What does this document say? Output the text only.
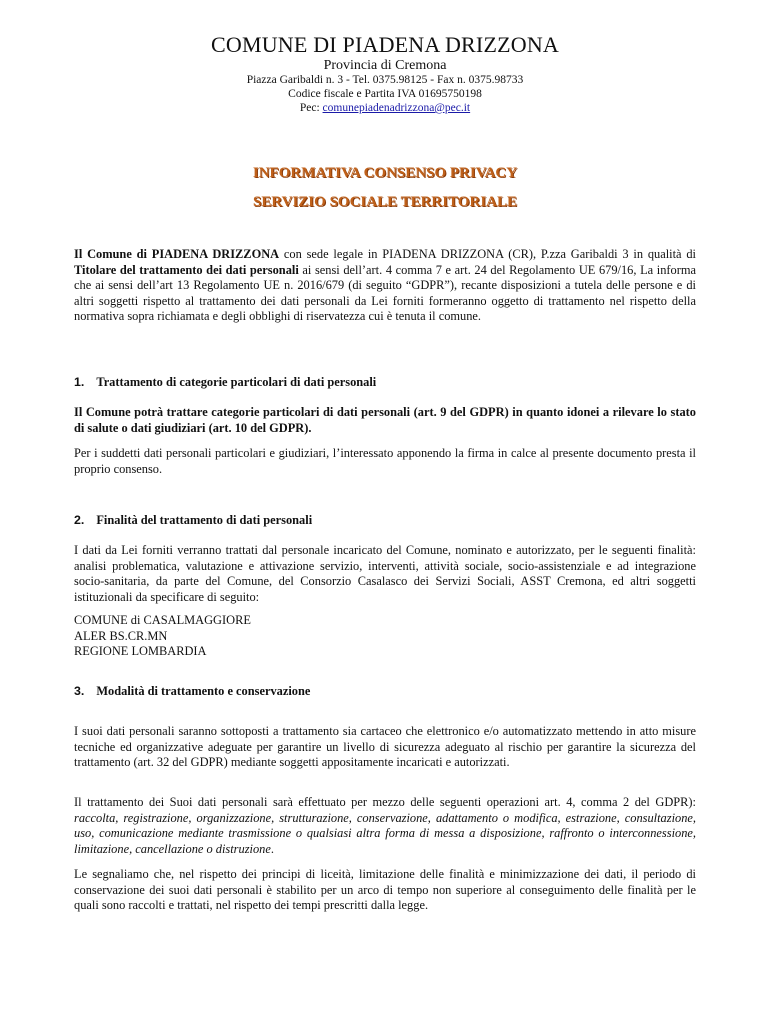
COMUNE DI PIADENA DRIZZONA
Provincia di Cremona
Piazza Garibaldi n. 3 - Tel. 0375.98125 - Fax n. 0375.98733
Codice fiscale e Partita IVA 01695750198
Pec: comunepiadenadrizzona@pec.it
INFORMATIVA CONSENSO PRIVACY
SERVIZIO SOCIALE TERRITORIALE
Il Comune di PIADENA DRIZZONA con sede legale in PIADENA DRIZZONA (CR), P.zza Garibaldi 3 in qualità di Titolare del trattamento dei dati personali ai sensi dell’art. 4 comma 7 e art. 24 del Regolamento UE 679/16, La informa che ai sensi dell’art 13 Regolamento UE n. 2016/679 (di seguito “GDPR”), recante disposizioni a tutela delle persone e di altri soggetti rispetto al trattamento dei dati personali da Lei forniti formeranno oggetto di trattamento nel rispetto della normativa sopra richiamata e degli obblighi di riservatezza cui è tenuta il comune.
1. Trattamento di categorie particolari di dati personali
Il Comune potrà trattare categorie particolari di dati personali (art. 9 del GDPR) in quanto idonei a rilevare lo stato di salute o dati giudiziari (art. 10 del GDPR).
Per i suddetti dati personali particolari e giudiziari, l’interessato apponendo la firma in calce al presente documento presta il proprio consenso.
2. Finalità del trattamento di dati personali
I dati da Lei forniti verranno trattati dal personale incaricato del Comune, nominato e autorizzato, per le seguenti finalità: analisi problematica, valutazione e attivazione servizio, interventi, attività sociale, socio-assistenziale e ad integrazione socio-sanitaria, da parte del Comune, del Consorzio Casalasco dei Servizi Sociali, ASST Cremona, ed altri soggetti istituzionali da specificare di seguito:
COMUNE di CASALMAGGIORE
ALER BS.CR.MN
REGIONE LOMBARDIA
3. Modalità di trattamento e conservazione
I suoi dati personali saranno sottoposti a trattamento sia cartaceo che elettronico e/o automatizzato mettendo in atto misure tecniche ed organizzative adeguate per garantire un livello di sicurezza adeguato al rischio per garantire la sicurezza del trattamento (art. 32 del GDPR) mediante soggetti appositamente incaricati e autorizzati.
Il trattamento dei Suoi dati personali sarà effettuato per mezzo delle seguenti operazioni art. 4, comma 2 del GDPR): raccolta, registrazione, organizzazione, strutturazione, conservazione, adattamento o modifica, estrazione, consultazione, uso, comunicazione mediante trasmissione o qualsiasi altra forma di messa a disposizione, raffronto o interconnessione, limitazione, cancellazione o distruzione.
Le segnaliamo che, nel rispetto dei principi di liceità, limitazione delle finalità e minimizzazione dei dati, il periodo di conservazione dei suoi dati personali è stabilito per un arco di tempo non superiore al conseguimento delle finalità per le quali sono raccolti e trattati, nel rispetto dei tempi prescritti dalla legge.
